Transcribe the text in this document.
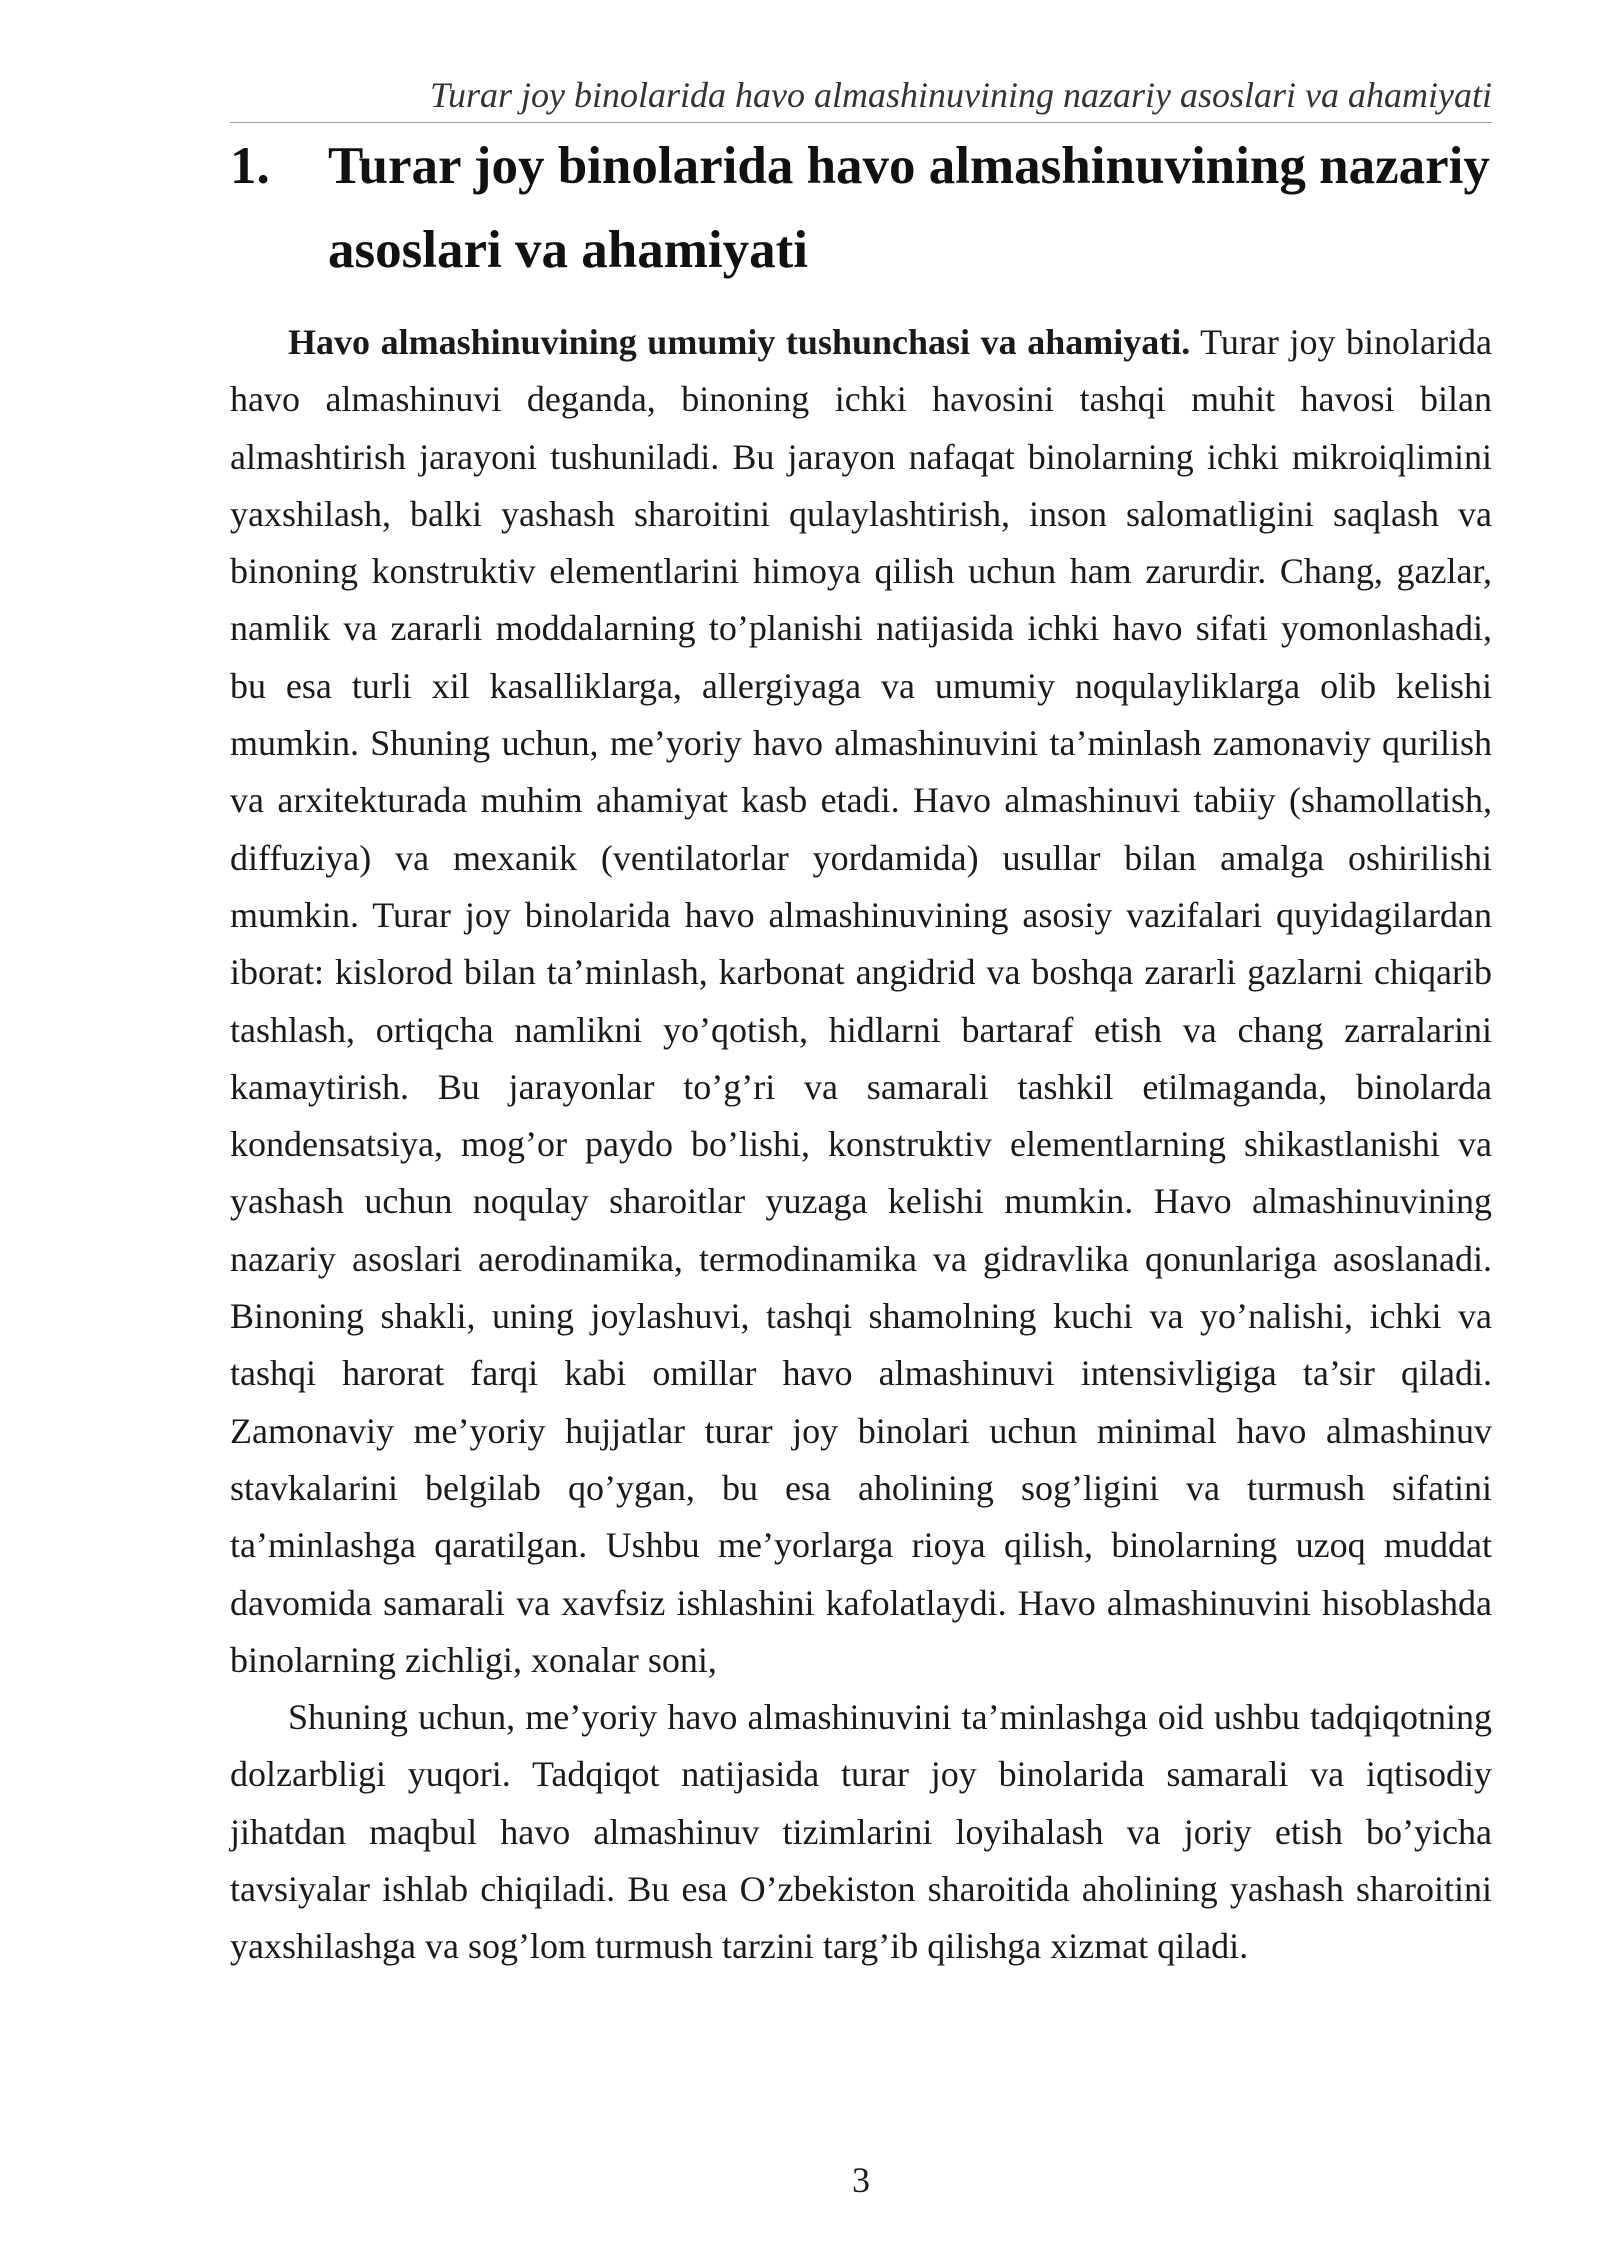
Turar joy binolarida havo almashinuvining nazariy asoslari va ahamiyati
1. Turar joy binolarida havo almashinuvining nazariy asoslari va ahamiyati

Havo almashinuvining umumiy tushunchasi va ahamiyati. Turar joy binolarida havo almashinuvi deganda, binoning ichki havosini tashqi muhit havosi bilan almashtirish jarayoni tushuniladi. Bu jarayon nafaqat binolarning ichki mikroiqlimini yaxshilash, balki yashash sharoitini qulaylashtirish, inson salomatligini saqlash va binoning konstruktiv elementlarini himoya qilish uchun ham zarurdir. Chang, gazlar, namlik va zararli moddalarning to’planishi natijasida ichki havo sifati yomonlashadi, bu esa turli xil kasalliklarga, allergiyaga va umumiy noqulayliklarga olib kelishi mumkin. Shuning uchun, me’yoriy havo almashinuvini ta’minlash zamonaviy qurilish va arxitekturada muhim ahamiyat kasb etadi. Havo almashinuvi tabiiy (shamollatish, diffuziya) va mexanik (ventilatorlar yordamida) usullar bilan amalga oshirilishi mumkin. Turar joy binolarida havo almashinuvining asosiy vazifalari quyidagilardan iborat: kislorod bilan ta’minlash, karbonat angidrid va boshqa zararli gazlarni chiqarib tashlash, ortiqcha namlikni yo’qotish, hidlarni bartaraf etish va chang zarralarini kamaytirish. Bu jarayonlar to’g’ri va samarali tashkil etilmaganda, binolarda kondensatsiya, mog’or paydo bo’lishi, konstruktiv elementlarning shikastlanishi va yashash uchun noqulay sharoitlar yuzaga kelishi mumkin. Havo almashinuvining nazariy asoslari aerodinamika, termodinamika va gidravlika qonunlariga asoslanadi. Binoning shakli, uning joylashuvi, tashqi shamolning kuchi va yo’nalishi, ichki va tashqi harorat farqi kabi omillar havo almashinuvi intensivligiga ta’sir qiladi. Zamonaviy me’yoriy hujjatlar turar joy binolari uchun minimal havo almashinuv stavkalarini belgilab qo’ygan, bu esa aholining sog’ligini va turmush sifatini ta’minlashga qaratilgan. Ushbu me’yorlarga rioya qilish, binolarning uzoq muddat davomida samarali va xavfsiz ishlashini kafolatlaydi. Havo almashinuvini hisoblashda binolarning zichligi, xonalar soni,

Shuning uchun, me’yoriy havo almashinuvini ta’minlashga oid ushbu tadqiqotning dolzarbligi yuqori. Tadqiqot natijasida turar joy binolarida samarali va iqtisodiy jihatdan maqbul havo almashinuv tizimlarini loyihalash va joriy etish bo’yicha tavsiyalar ishlab chiqiladi. Bu esa O’zbekiston sharoitida aholining yashash sharoitini yaxshilashga va sog’lom turmush tarzini targ’ib qilishga xizmat qiladi.

3
